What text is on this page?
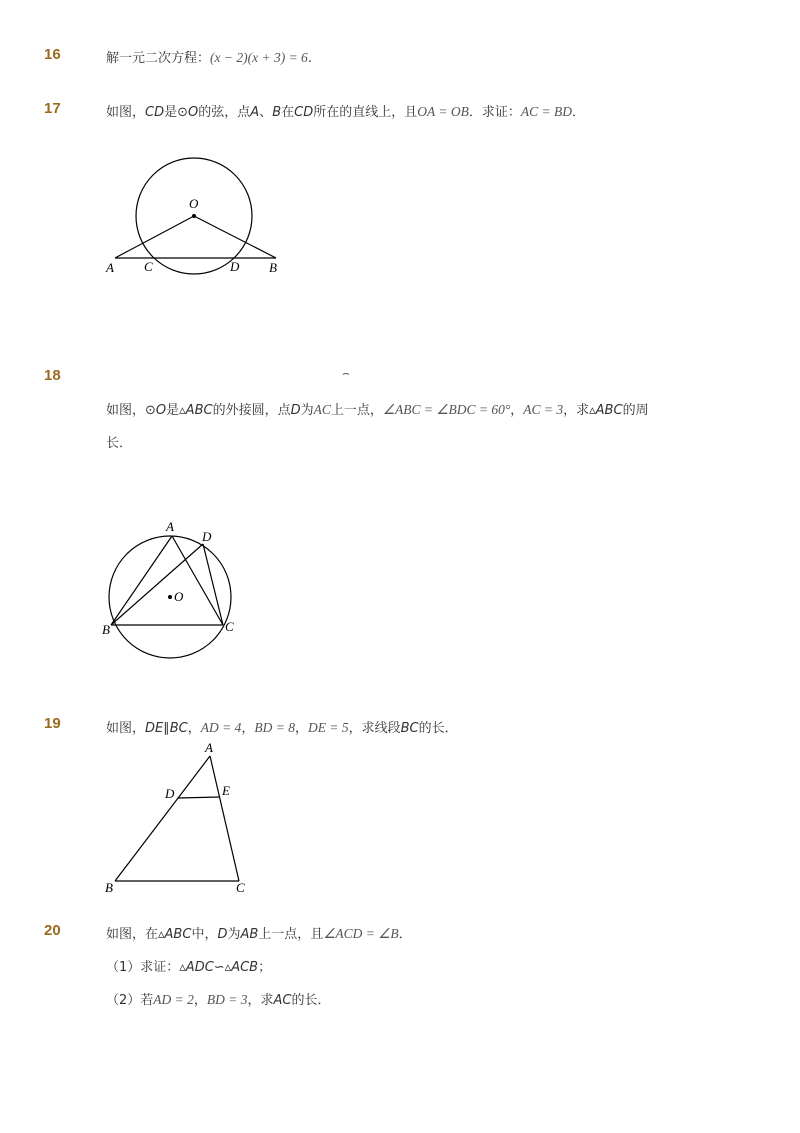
16	解一元二次方程：(x − 2)(x + 3) = 6.
17	如图，CD是⊙O的弦，点A、B在CD所在的直线上，且OA = OB．求证：AC = BD．
O
A C	D B
18	⌢
如图，⊙O是▵ABC的外接圆，点D为AC上一点，∠ABC = ∠BDC = 60°，AC = 3，求▵ABC的周
长．
A
D
O
B	C
19	如图，DE∥BC，AD = 4，BD = 8，DE = 5，求线段BC的长．
A
D	E
B	C
20	如图，在▵ABC中，D为AB上一点，且∠ACD = ∠B．
（1）求证：▵ADC∽▵ACB；
（2）若AD = 2，BD = 3，求AC的长．
